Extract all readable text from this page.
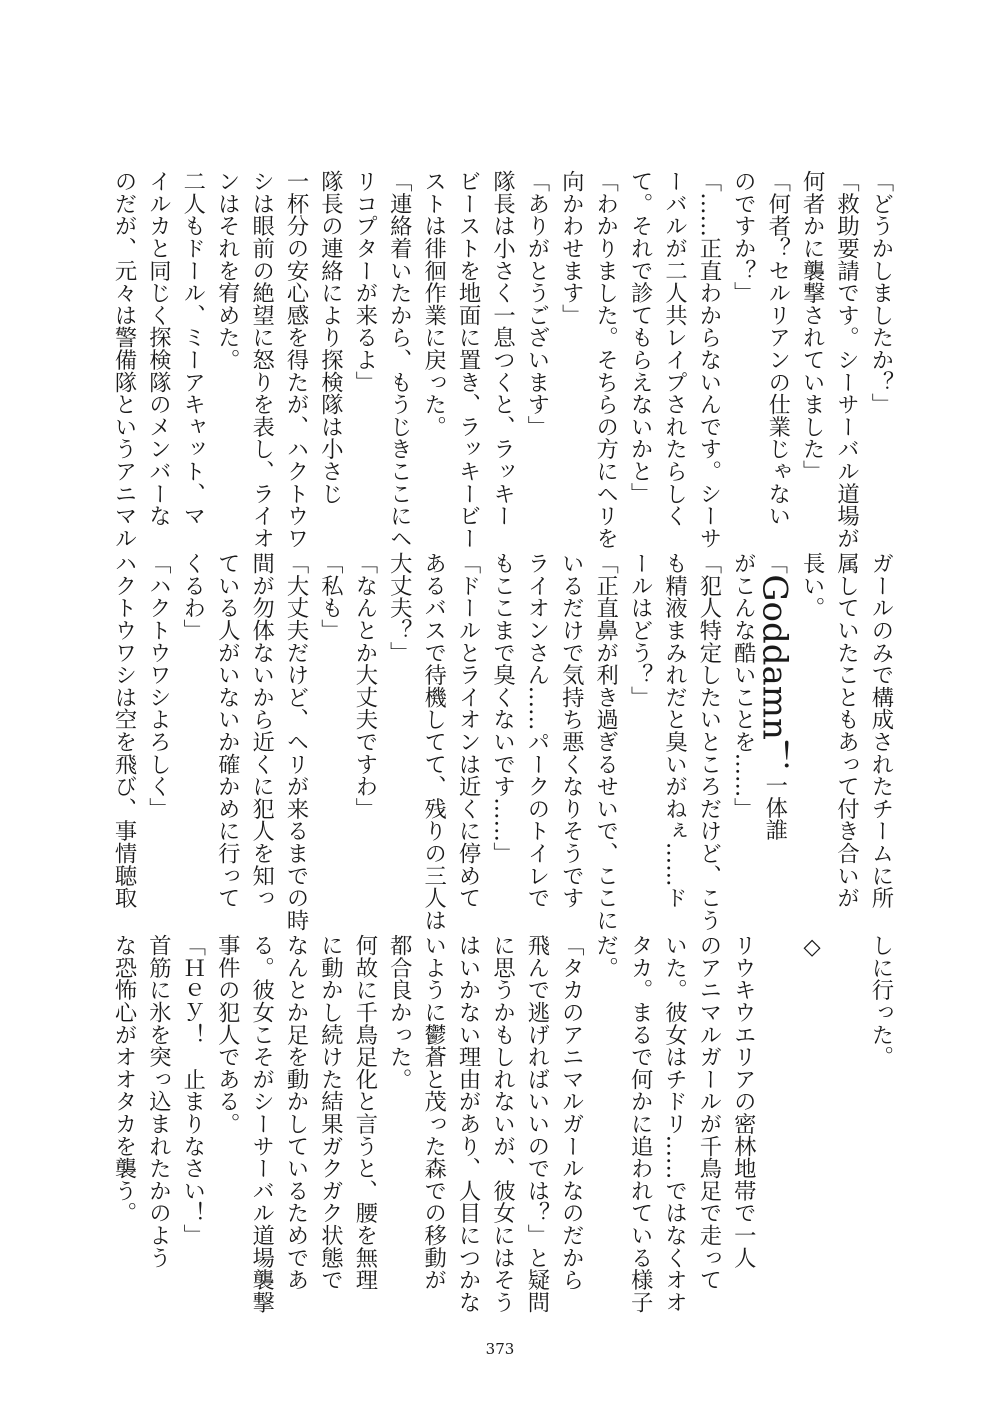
「どうかしましたか？」
「救助要請です。シーサーバル道場が
何者かに襲撃されていました」
「何者？セルリアンの仕業じゃない
のですか？」
「……正直わからないんです。シーサ
ーバルが二人共レイプされたらしく
て。それで診てもらえないかと」
「わかりました。そちらの方にヘリを
向かわせます」
「ありがとうございます」
隊長は小さく一息つくと、ラッキー
ビーストを地面に置き、ラッキービー
ストは徘徊作業に戻った。
「連絡着いたから、もうじきここにヘ
リコプターが来るよ」
隊長の連絡により探検隊は小さじ
一杯分の安心感を得たが、ハクトウワ
シは眼前の絶望に怒りを表し、ライオ
ンはそれを宥めた。
二人もドール、ミーアキャット、マ
イルカと同じく探検隊のメンバーな
のだが、元々は警備隊というアニマル
ガールのみで構成されたチームに所
属していたこともあって付き合いが
長い。
「Goddamn！一体誰
がこんな酷いことを……」
「犯人特定したいところだけど、こう
も精液まみれだと臭いがねぇ……ド
ールはどう？」
「正直鼻が利き過ぎるせいで、ここに
いるだけで気持ち悪くなりそうです
ライオンさん……パークのトイレで
もここまで臭くないです……」
「ドールとライオンは近くに停めて
あるバスで待機してて、残りの三人は
大丈夫？」
「なんとか大丈夫ですわ」
「私も」
「大丈夫だけど、ヘリが来るまでの時
間が勿体ないから近くに犯人を知っ
ている人がいないか確かめに行って
くるわ」
「ハクトウワシよろしく」
ハクトウワシは空を飛び、事情聴取
しに行った。
◇
リウキウエリアの密林地帯で一人
のアニマルガールが千鳥足で走って
いた。彼女はチドリ……ではなくオオ
タカ。まるで何かに追われている様子
だ。
「タカのアニマルガールなのだから
飛んで逃げればいいのでは？」と疑問
に思うかもしれないが、彼女にはそう
はいかない理由があり、人目につかな
いように鬱蒼と茂った森での移動が
都合良かった。
何故に千鳥足化と言うと、腰を無理
に動かし続けた結果ガクガク状態で
なんとか足を動かしているためであ
る。彼女こそがシーサーバル道場襲撃
事件の犯人である。
「Ｈｅｙ！　止まりなさい！」
首筋に氷を突っ込まれたかのよう
な恐怖心がオオタカを襲う。
373
